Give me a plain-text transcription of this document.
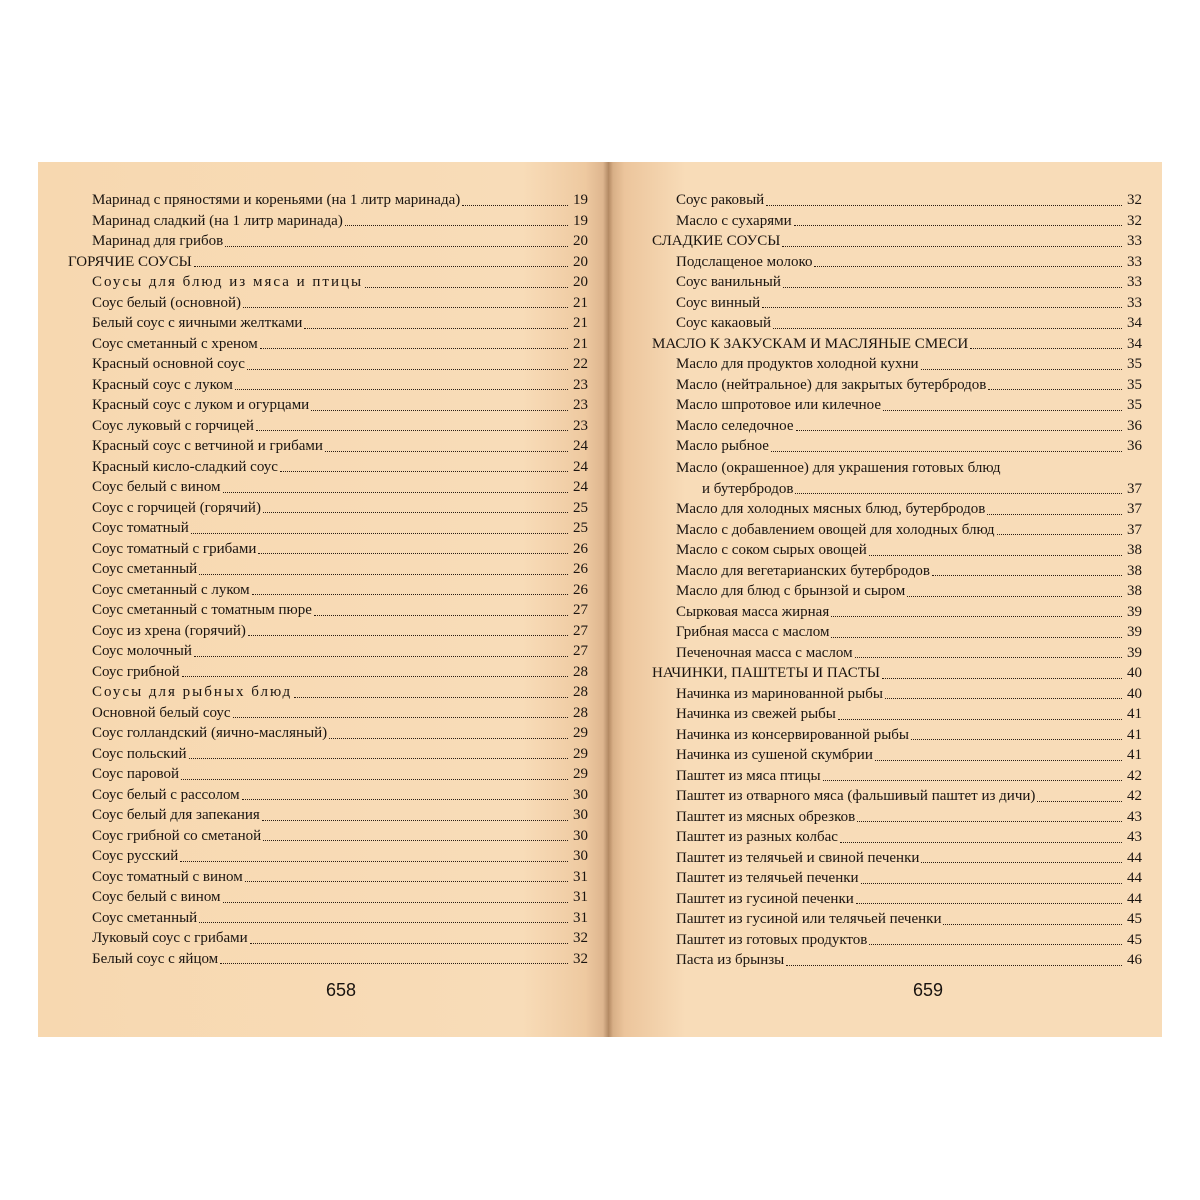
Маринад с пряностями и кореньями (на 1 литр маринада)	19
Маринад сладкий (на 1 литр маринада)	19
Маринад для грибов	20
ГОРЯЧИЕ СОУСЫ	20
Соусы для блюд из мяса и птицы	20
Соус белый (основной)	21
Белый соус с яичными желтками	21
Соус сметанный с хреном	21
Красный основной соус	22
Красный соус с луком	23
Красный соус с луком и огурцами	23
Соус луковый с горчицей	23
Красный соус с ветчиной и грибами	24
Красный кисло-сладкий соус	24
Соус белый с вином	24
Соус с горчицей (горячий)	25
Соус томатный	25
Соус томатный с грибами	26
Соус сметанный	26
Соус сметанный с луком	26
Соус сметанный с томатным пюре	27
Соус из хрена (горячий)	27
Соус молочный	27
Соус грибной	28
Соусы для рыбных блюд	28
Основной белый соус	28
Соус голландский (яично-масляный)	29
Соус польский	29
Соус паровой	29
Соус белый с рассолом	30
Соус белый для запекания	30
Соус грибной со сметаной	30
Соус русский	30
Соус томатный с вином	31
Соус белый с вином	31
Соус сметанный	31
Луковый соус с грибами	32
Белый соус с яйцом	32
658
Соус раковый	32
Масло с сухарями	32
СЛАДКИЕ СОУСЫ	33
Подслащеное молоко	33
Соус ванильный	33
Соус винный	33
Соус какаовый	34
МАСЛО К ЗАКУСКАМ И МАСЛЯНЫЕ СМЕСИ	34
Масло для продуктов холодной кухни	35
Масло (нейтральное) для закрытых бутербродов	35
Масло шпротовое или килечное	35
Масло селедочное	36
Масло рыбное	36
Масло (окрашенное) для украшения готовых блюд
и бутербродов	37
Масло для холодных мясных блюд, бутербродов	37
Масло с добавлением овощей для холодных блюд	37
Масло с соком сырых овощей	38
Масло для вегетарианских бутербродов	38
Масло для блюд с брынзой и сыром	38
Сырковая масса жирная	39
Грибная масса с маслом	39
Печеночная масса с маслом	39
НАЧИНКИ, ПАШТЕТЫ И ПАСТЫ	40
Начинка из маринованной рыбы	40
Начинка из свежей рыбы	41
Начинка из консервированной рыбы	41
Начинка из сушеной скумбрии	41
Паштет из мяса птицы	42
Паштет из отварного мяса (фальшивый паштет из дичи)	42
Паштет из мясных обрезков	43
Паштет из разных колбас	43
Паштет из телячьей и свиной печенки	44
Паштет из телячьей печенки	44
Паштет из гусиной печенки	44
Паштет из гусиной или телячьей печенки	45
Паштет из готовых продуктов	45
Паста из брынзы	46
659
